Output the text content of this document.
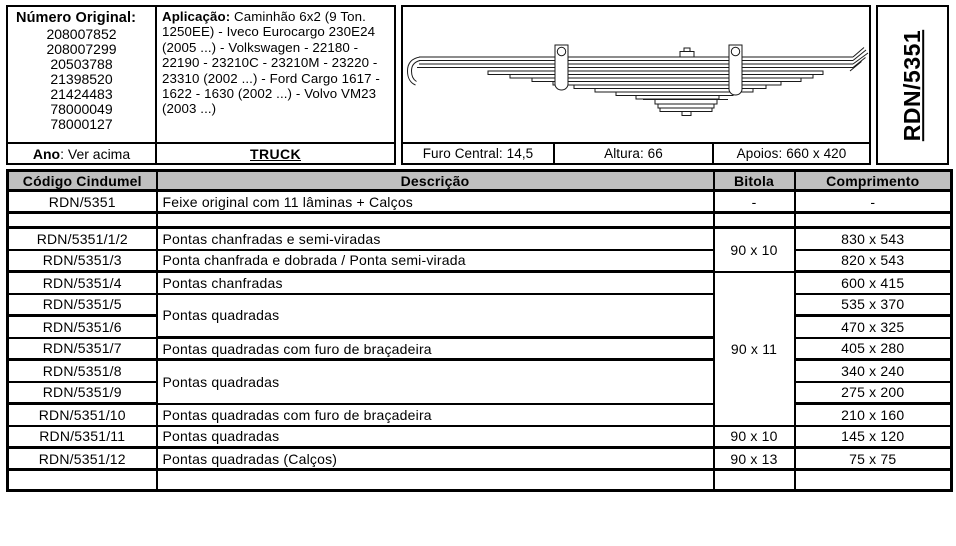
Número Original:
208007852
208007299
20503788
21398520
21424483
78000049
78000127
Aplicação: Caminhão 6x2 (9 Ton. 1250EE) - Iveco Eurocargo 230E24 (2005 ...) - Volkswagen - 22180 - 22190 - 23210C - 23210M - 23220 - 23310 (2002 ...) - Ford Cargo 1617 - 1622 - 1630 (2002 ...) - Volvo VM23 (2003 ...)
Ano : Ver acima	TRUCK	Furo Central: 14,5	Altura: 66	Apoios: 660 x 420
RDN/5351
Código Cindumel	Descrição	Bitola	Comprimento
RDN/5351	Feixe original com 11 lâminas + Calços	-	-

RDN/5351/1/2	Pontas chanfradas e semi-viradas	90 x 10	830 x 543
RDN/5351/3	Ponta chanfrada e dobrada / Ponta semi-virada		820 x 543
RDN/5351/4	Pontas chanfradas	90 x 11	600 x 415
RDN/5351/5	Pontas quadradas		535 x 370
RDN/5351/6			470 x 325
RDN/5351/7	Pontas quadradas com furo de braçadeira		405 x 280
RDN/5351/8	Pontas quadradas		340 x 240
RDN/5351/9			275 x 200
RDN/5351/10	Pontas quadradas com furo de braçadeira		210 x 160
RDN/5351/11	Pontas quadradas	90 x 10	145 x 120
RDN/5351/12	Pontas quadradas (Calços)	90 x 13	75 x 75
